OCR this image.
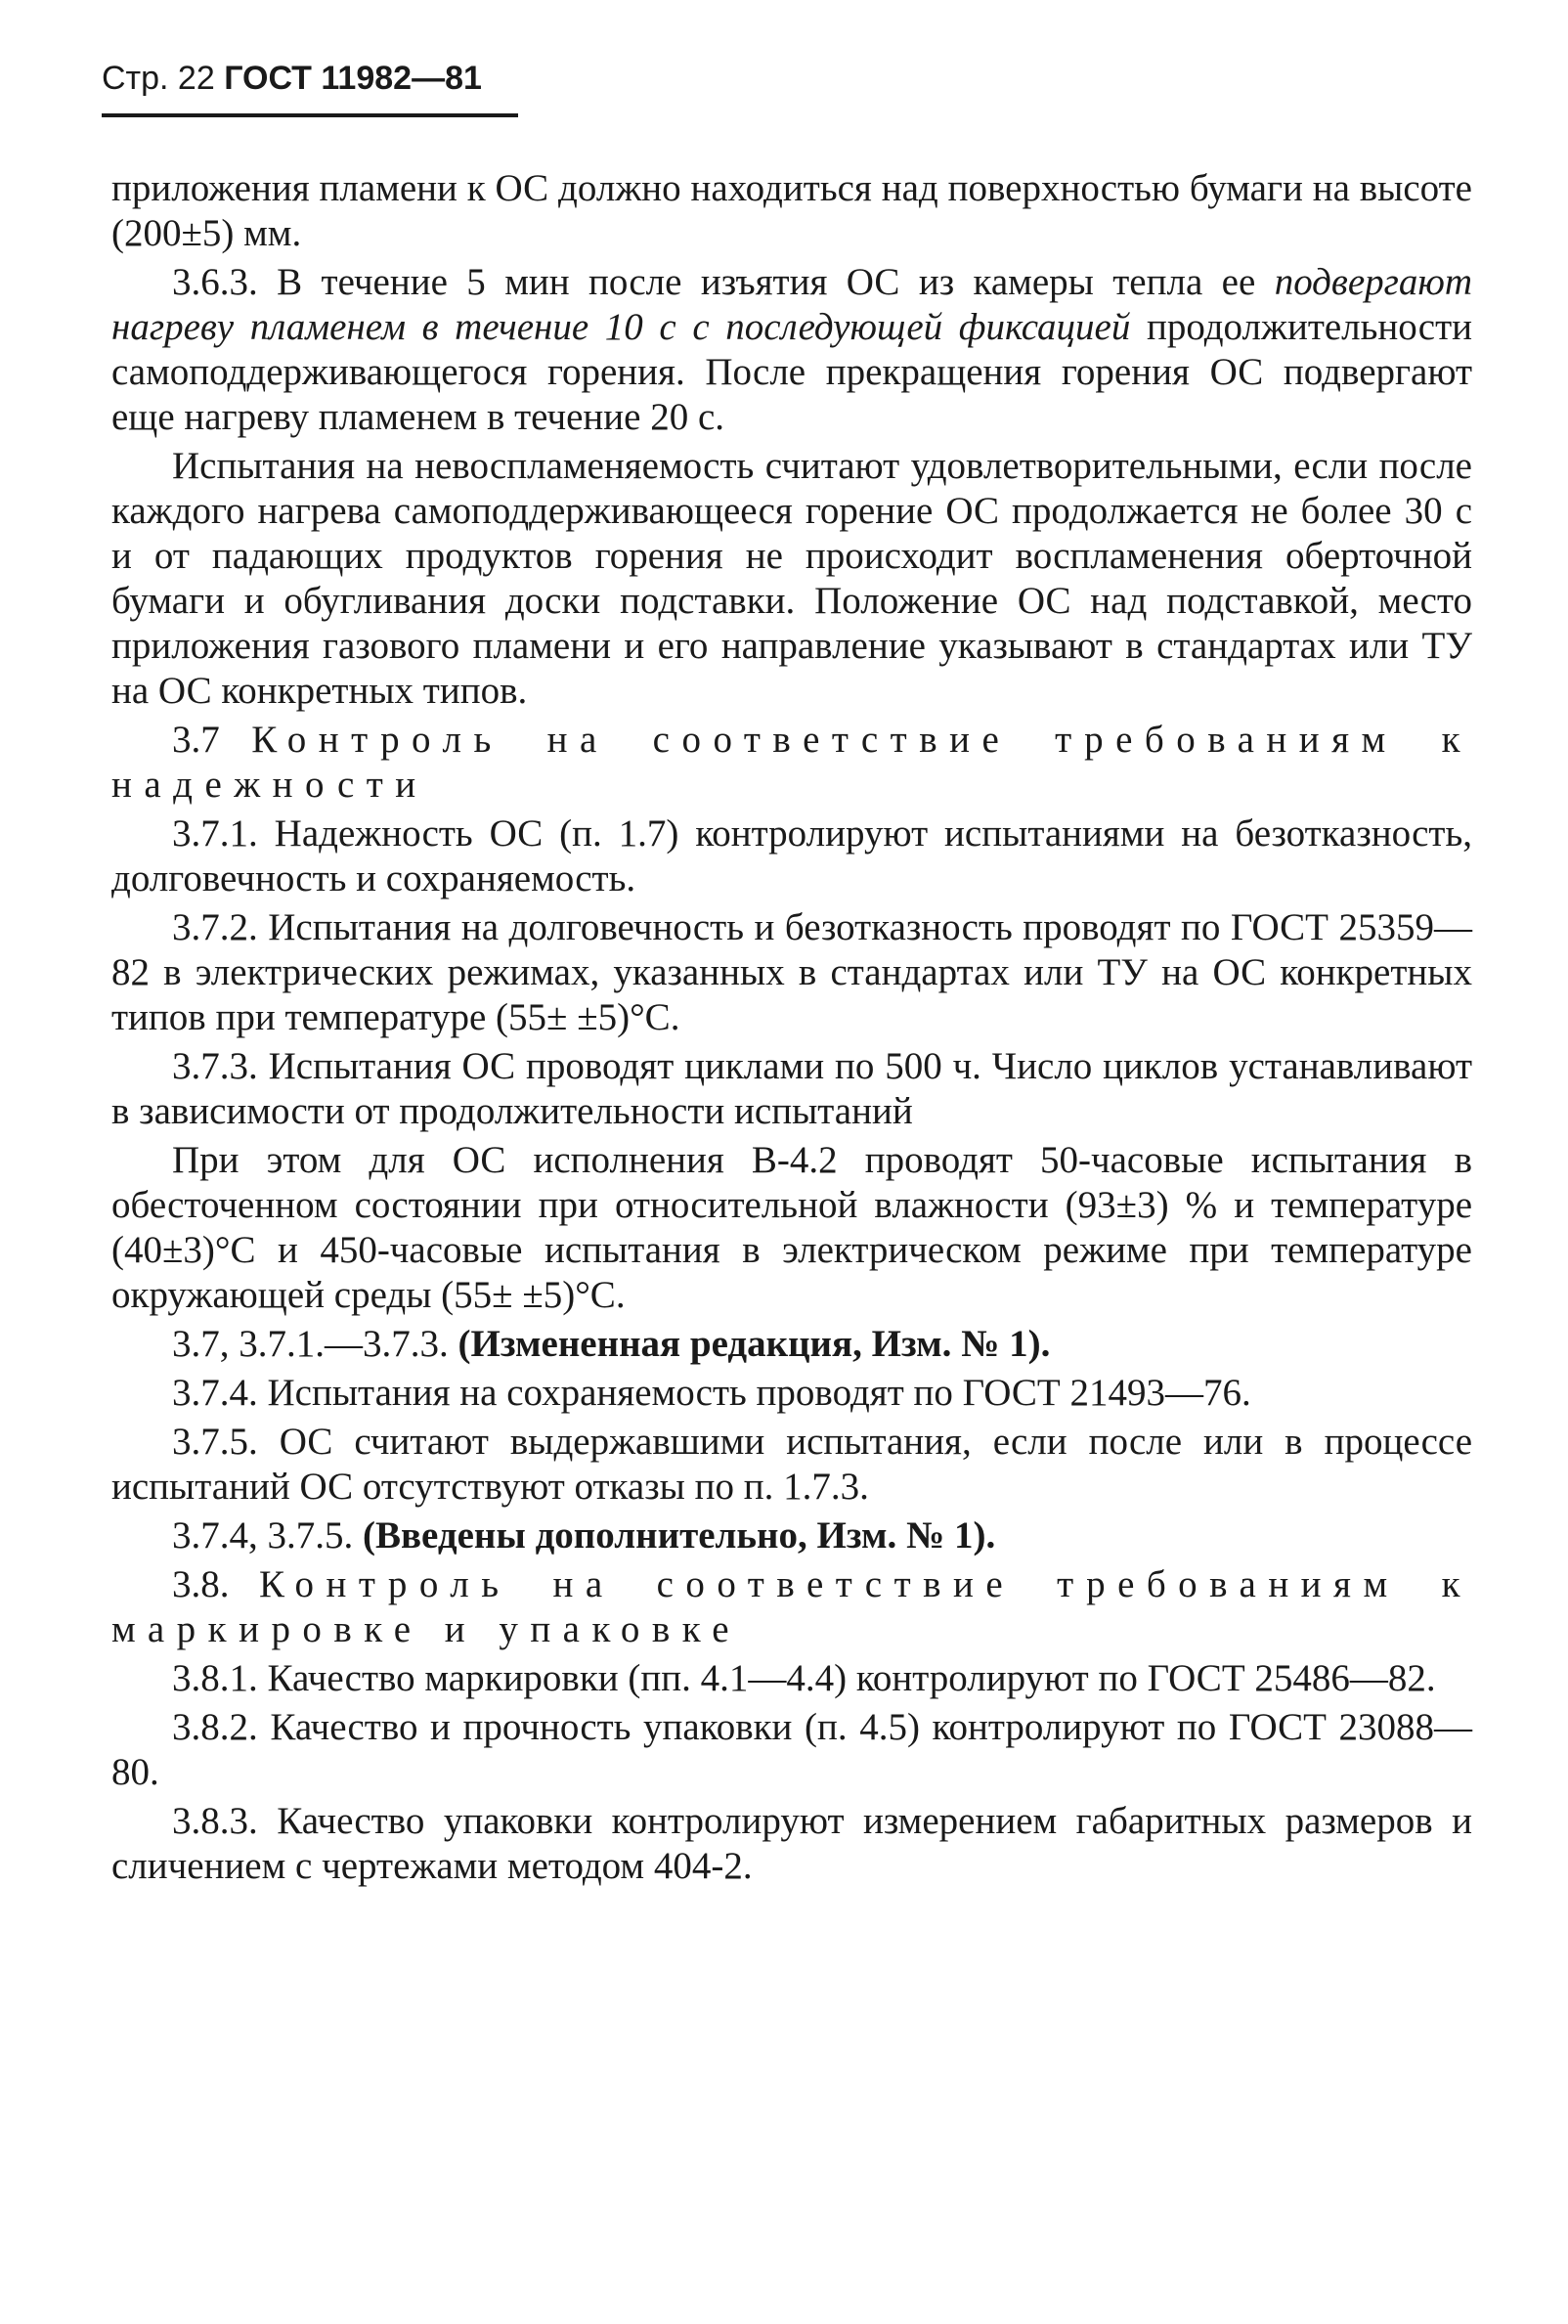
Стр. 22 ГОСТ 11982—81

приложения пламени к ОС должно находиться над поверхностью бумаги на высоте (200±5) мм.

3.6.3. В течение 5 мин после изъятия ОС из камеры тепла ее подвергают нагреву пламенем в течение 10 с с последующей фиксацией продолжительности самоподдерживающегося горения. После прекращения горения ОС подвергают еще нагреву пламенем в течение 20 с.

Испытания на невоспламеняемость считают удовлетворительными, если после каждого нагрева самоподдерживающееся горение ОС продолжается не более 30 с и от падающих продуктов горения не происходит воспламенения оберточной бумаги и обугливания доски подставки. Положение ОС над подставкой, место приложения газового пламени и его направление указывают в стандартах или ТУ на ОС конкретных типов.

3.7 Контроль на соответствие требованиям к надежности

3.7.1. Надежность ОС (п. 1.7) контролируют испытаниями на безотказность, долговечность и сохраняемость.

3.7.2. Испытания на долговечность и безотказность проводят по ГОСТ 25359—82 в электрических режимах, указанных в стандартах или ТУ на ОС конкретных типов при температуре (55± ±5)°С.

3.7.3. Испытания ОС проводят циклами по 500 ч. Число циклов устанавливают в зависимости от продолжительности испытаний

При этом для ОС исполнения В-4.2 проводят 50-часовые испытания в обесточенном состоянии при относительной влажности (93±3) % и температуре (40±3)°С и 450-часовые испытания в электрическом режиме при температуре окружающей среды (55± ±5)°С.

3.7, 3.7.1.—3.7.3. (Измененная редакция, Изм. № 1).

3.7.4. Испытания на сохраняемость проводят по ГОСТ 21493—76.

3.7.5. ОС считают выдержавшими испытания, если после или в процессе испытаний ОС отсутствуют отказы по п. 1.7.3.

3.7.4, 3.7.5. (Введены дополнительно, Изм. № 1).

3.8. Контроль на соответствие требованиям к маркировке и упаковке

3.8.1. Качество маркировки (пп. 4.1—4.4) контролируют по ГОСТ 25486—82.

3.8.2. Качество и прочность упаковки (п. 4.5) контролируют по ГОСТ 23088—80.

3.8.3. Качество упаковки контролируют измерением габаритных размеров и сличением с чертежами методом 404-2.
